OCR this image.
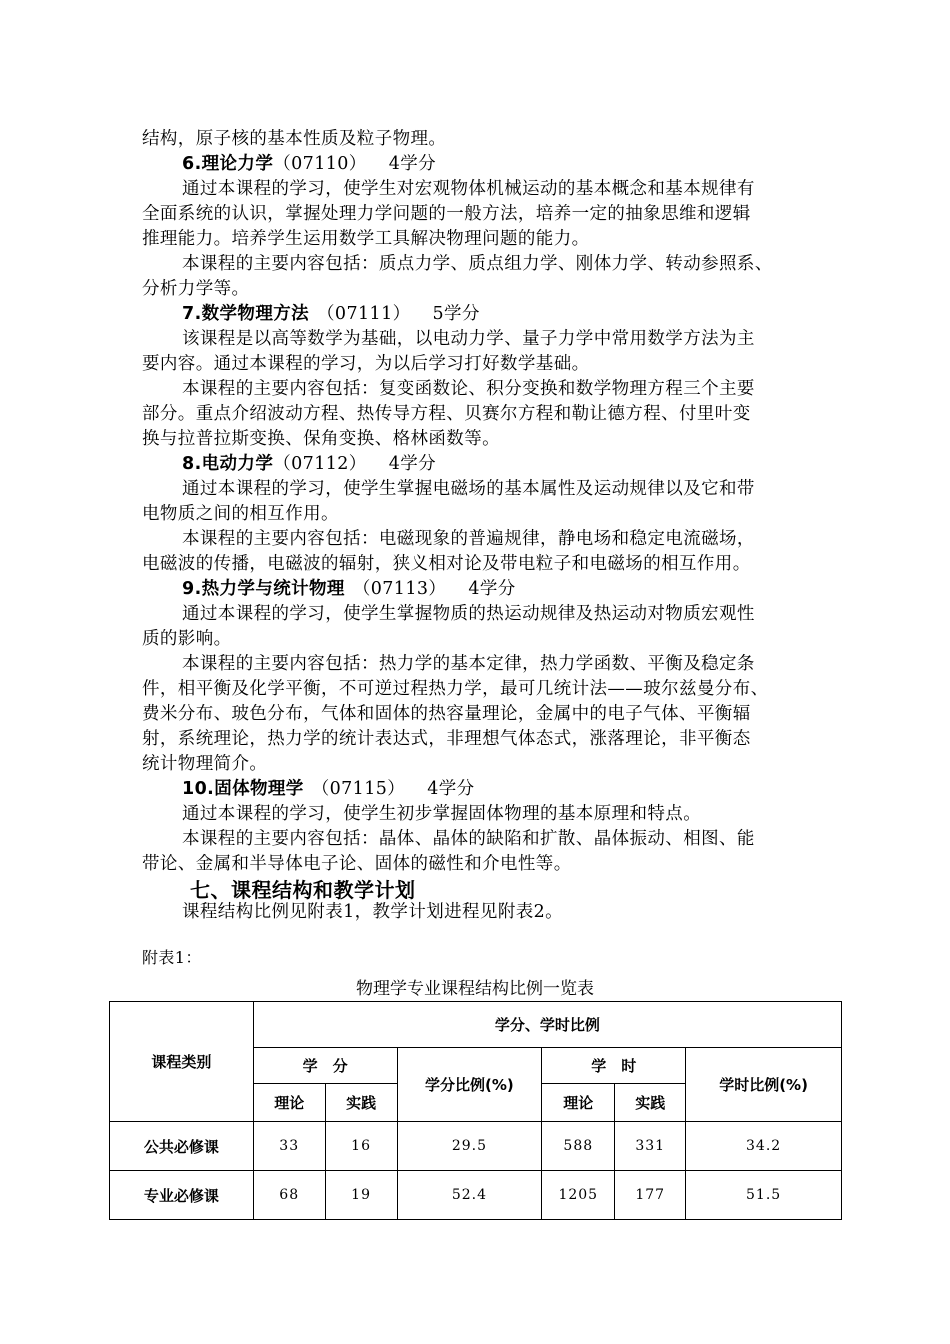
结构，原子核的基本性质及粒子物理。
6.理论力学（07110） 4学分
通过本课程的学习，使学生对宏观物体机械运动的基本概念和基本规律有
全面系统的认识，掌握处理力学问题的一般方法，培养一定的抽象思维和逻辑
推理能力。培养学生运用数学工具解决物理问题的能力。
本课程的主要内容包括：质点力学、质点组力学、刚体力学、转动参照系、
分析力学等。
7.数学物理方法 （07111） 5学分
该课程是以高等数学为基础，以电动力学、量子力学中常用数学方法为主
要内容。通过本课程的学习，为以后学习打好数学基础。
本课程的主要内容包括：复变函数论、积分变换和数学物理方程三个主要
部分。重点介绍波动方程、热传导方程、贝赛尔方程和勒让德方程、付里叶变
换与拉普拉斯变换、保角变换、格林函数等。
8.电动力学（07112） 4学分
通过本课程的学习，使学生掌握电磁场的基本属性及运动规律以及它和带
电物质之间的相互作用。
本课程的主要内容包括：电磁现象的普遍规律，静电场和稳定电流磁场，
电磁波的传播，电磁波的辐射，狭义相对论及带电粒子和电磁场的相互作用。
9.热力学与统计物理 （07113） 4学分
通过本课程的学习，使学生掌握物质的热运动规律及热运动对物质宏观性
质的影响。
本课程的主要内容包括：热力学的基本定律，热力学函数、平衡及稳定条
件，相平衡及化学平衡，不可逆过程热力学，最可几统计法——玻尔兹曼分布、
费米分布、玻色分布，气体和固体的热容量理论，金属中的电子气体、平衡辐
射，系统理论，热力学的统计表达式，非理想气体态式，涨落理论，非平衡态
统计物理简介。
10.固体物理学 （07115） 4学分
通过本课程的学习，使学生初步掌握固体物理的基本原理和特点。
本课程的主要内容包括：晶体、晶体的缺陷和扩散、晶体振动、相图、能
带论、金属和半导体电子论、固体的磁性和介电性等。
七、课程结构和教学计划
课程结构比例见附表1，教学计划进程见附表2。
附表1：
物理学专业课程结构比例一览表
课程类别	学分、学时比例					
	学　分		学分比例(%)	学　时		学时比例(%)
	理论	实践		理论	实践	
公共必修课	33	16	29.5	588	331	34.2
专业必修课	68	19	52.4	1205	177	51.5
